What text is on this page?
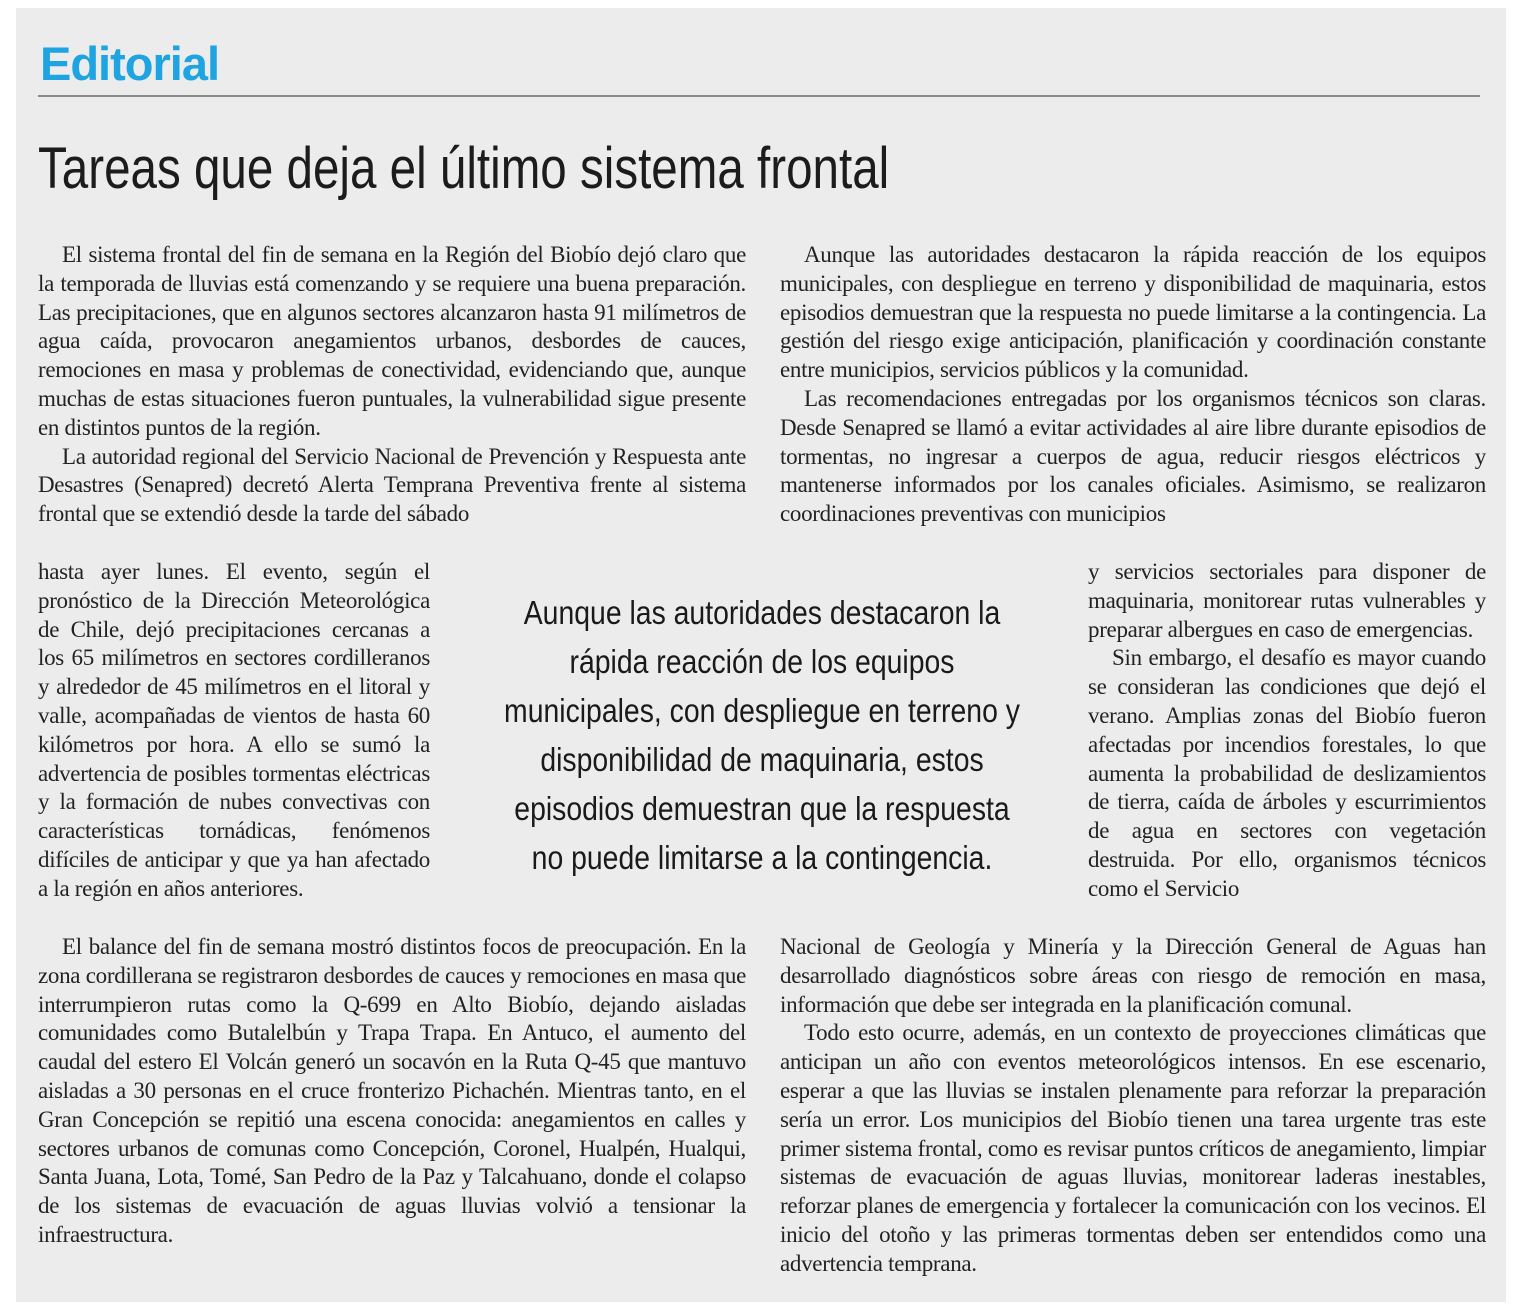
Editorial
Tareas que deja el último sistema frontal

El sistema frontal del fin de semana en la Región del Biobío dejó claro que la temporada de lluvias está comenzando y se requiere una buena preparación. Las precipitaciones, que en algunos sectores alcanzaron hasta 91 milímetros de agua caída, provocaron anegamientos urbanos, desbordes de cauces, remociones en masa y problemas de conectividad, evidenciando que, aunque muchas de estas situaciones fueron puntuales, la vulnerabilidad sigue presente en distintos puntos de la región.

La autoridad regional del Servicio Nacional de Prevención y Respuesta ante Desastres (Senapred) decretó Alerta Temprana Preventiva frente al sistema frontal que se extendió desde la tarde del sábado

hasta ayer lunes. El evento, según el pronóstico de la Dirección Meteorológica de Chile, dejó precipitaciones cercanas a los 65 milímetros en sectores cordilleranos y alrededor de 45 milímetros en el litoral y valle, acompañadas de vientos de hasta 60 kilómetros por hora. A ello se sumó la advertencia de posibles tormentas eléctricas y la formación de nubes convectivas con características tornádicas, fenómenos difíciles de anticipar y que ya han afectado a la región en años anteriores.

El balance del fin de semana mostró distintos focos de preocupación. En la zona cordillerana se registraron desbordes de cauces y remociones en masa que interrumpieron rutas como la Q-699 en Alto Biobío, dejando aisladas comunidades como Butalelbún y Trapa Trapa. En Antuco, el aumento del caudal del estero El Volcán generó un socavón en la Ruta Q-45 que mantuvo aisladas a 30 personas en el cruce fronterizo Pichachén. Mientras tanto, en el Gran Concepción se repitió una escena conocida: anegamientos en calles y sectores urbanos de comunas como Concepción, Coronel, Hualpén, Hualqui, Santa Juana, Lota, Tomé, San Pedro de la Paz y Talcahuano, donde el colapso de los sistemas de evacuación de aguas lluvias volvió a tensionar la infraestructura.

Aunque las autoridades destacaron la rápida reacción de los equipos municipales, con despliegue en terreno y disponibilidad de maquinaria, estos episodios demuestran que la respuesta no puede limitarse a la contingencia.

Aunque las autoridades destacaron la rápida reacción de los equipos municipales, con despliegue en terreno y disponibilidad de maquinaria, estos episodios demuestran que la respuesta no puede limitarse a la contingencia. La gestión del riesgo exige anticipación, planificación y coordinación constante entre municipios, servicios públicos y la comunidad.

Las recomendaciones entregadas por los organismos técnicos son claras. Desde Senapred se llamó a evitar actividades al aire libre durante episodios de tormentas, no ingresar a cuerpos de agua, reducir riesgos eléctricos y mantenerse informados por los canales oficiales. Asimismo, se realizaron coordinaciones preventivas con municipios

y servicios sectoriales para disponer de maquinaria, monitorear rutas vulnerables y preparar albergues en caso de emergencias.

Sin embargo, el desafío es mayor cuando se consideran las condiciones que dejó el verano. Amplias zonas del Biobío fueron afectadas por incendios forestales, lo que aumenta la probabilidad de deslizamientos de tierra, caída de árboles y escurrimientos de agua en sectores con vegetación destruida. Por ello, organismos técnicos como el Servicio

Nacional de Geología y Minería y la Dirección General de Aguas han desarrollado diagnósticos sobre áreas con riesgo de remoción en masa, información que debe ser integrada en la planificación comunal.

Todo esto ocurre, además, en un contexto de proyecciones climáticas que anticipan un año con eventos meteorológicos intensos. En ese escenario, esperar a que las lluvias se instalen plenamente para reforzar la preparación sería un error. Los municipios del Biobío tienen una tarea urgente tras este primer sistema frontal, como es revisar puntos críticos de anegamiento, limpiar sistemas de evacuación de aguas lluvias, monitorear laderas inestables, reforzar planes de emergencia y fortalecer la comunicación con los vecinos. El inicio del otoño y las primeras tormentas deben ser entendidos como una advertencia temprana.
